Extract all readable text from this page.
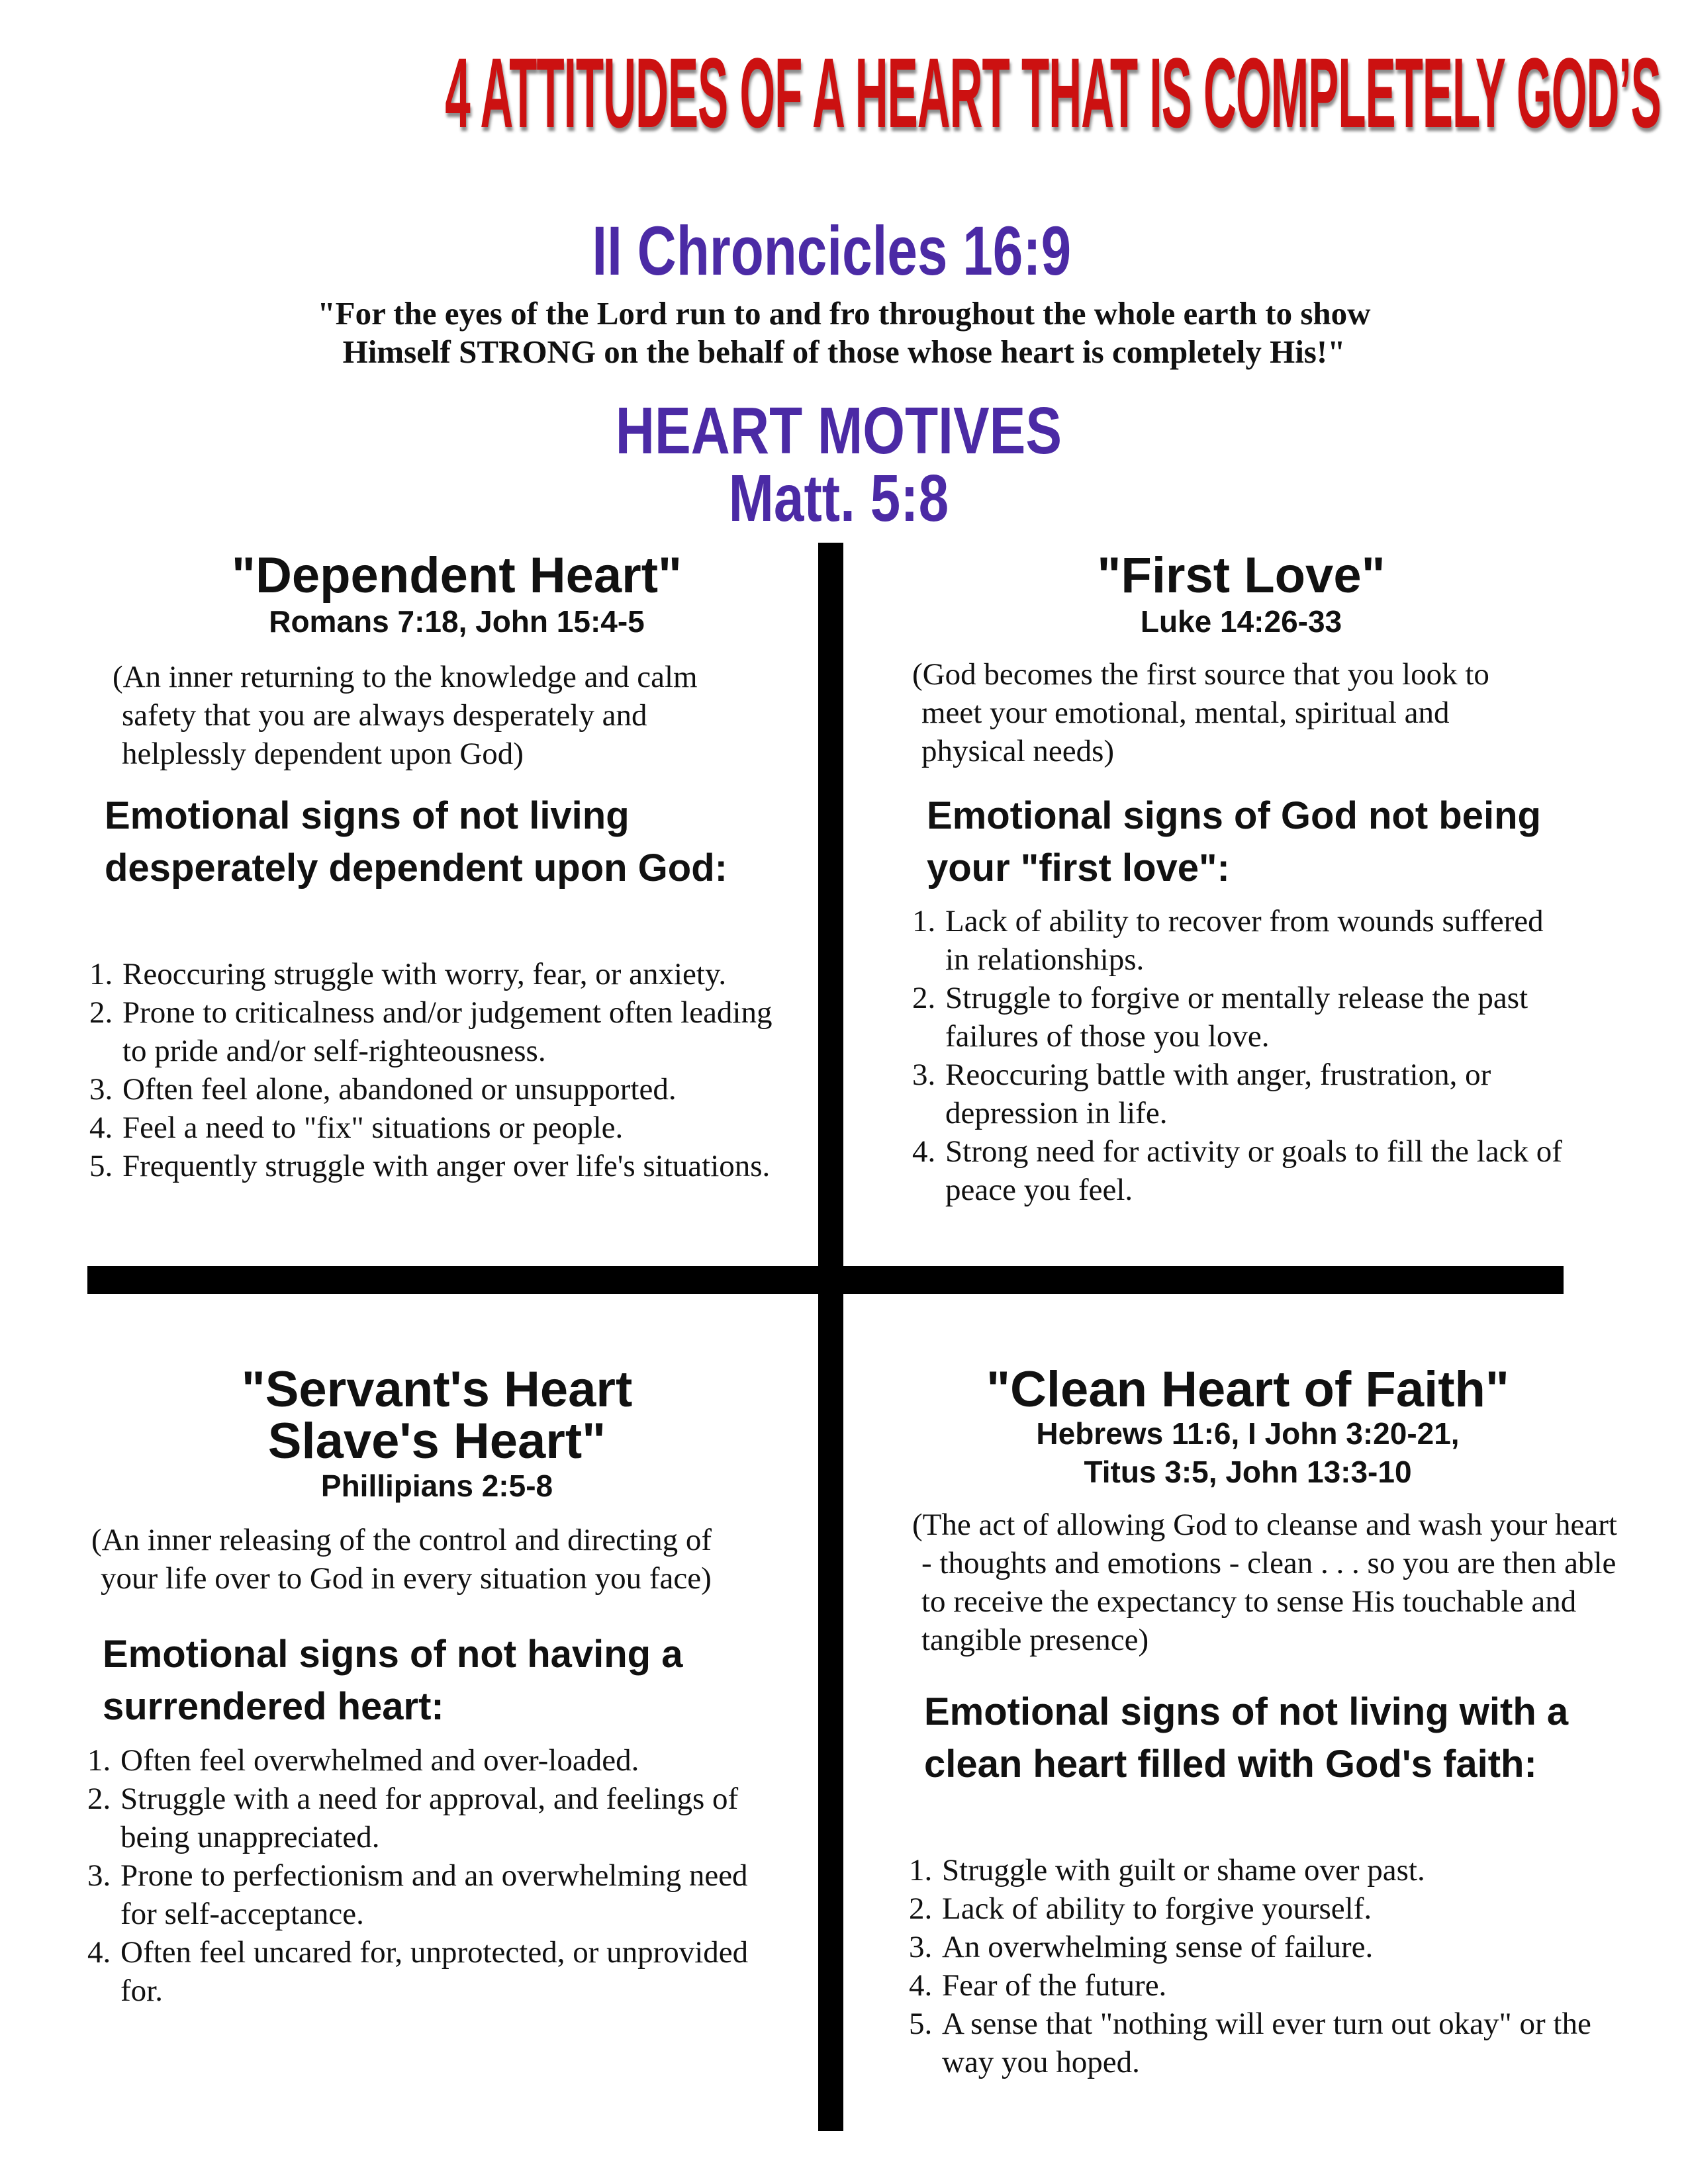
4 ATTITUDES OF A HEART THAT IS COMPLETELY GOD’S
II Chroncicles 16:9
"For the eyes of the Lord run to and fro throughout the whole earth to show
Himself STRONG on the behalf of those whose heart is completely His!"
HEART MOTIVES
Matt. 5:8
"Dependent Heart"
Romans 7:18, John 15:4-5
(An inner returning to the knowledge and calm safety that you are always desperately and helplessly dependent upon God)
Emotional signs of not living desperately dependent upon God:
1. Reoccuring struggle with worry, fear, or anxiety.
2. Prone to criticalness and/or judgement often leading to pride and/or self-righteousness.
3. Often feel alone, abandoned or unsupported.
4. Feel a need to "fix" situations or people.
5. Frequently struggle with anger over life's situations.
"First Love"
Luke 14:26-33
(God becomes the first source that you look to meet your emotional, mental, spiritual and physical needs)
Emotional signs of God not being your "first love":
1. Lack of ability to recover from wounds suffered in relationships.
2. Struggle to forgive or mentally release the past failures of those you love.
3. Reoccuring battle with anger, frustration, or depression in life.
4. Strong need for activity or goals to fill the lack of peace you feel.
"Servant's Heart
Slave's Heart"
Phillipians 2:5-8
(An inner releasing of the control and directing of your life over to God in every situation you face)
Emotional signs of not having a surrendered heart:
1. Often feel overwhelmed and over-loaded.
2. Struggle with a need for approval, and feelings of being unappreciated.
3. Prone to perfectionism and an overwhelming need for self-acceptance.
4. Often feel uncared for, unprotected, or unprovided for.
"Clean Heart of Faith"
Hebrews 11:6, I John 3:20-21,
Titus 3:5, John 13:3-10
(The act of allowing God to cleanse and wash your heart - thoughts and emotions - clean . . . so you are then able to receive the expectancy to sense His touchable and tangible presence)
Emotional signs of not living with a clean heart filled with God's faith:
1. Struggle with guilt or shame over past.
2. Lack of ability to forgive yourself.
3. An overwhelming sense of failure.
4. Fear of the future.
5. A sense that "nothing will ever turn out okay" or the way you hoped.
